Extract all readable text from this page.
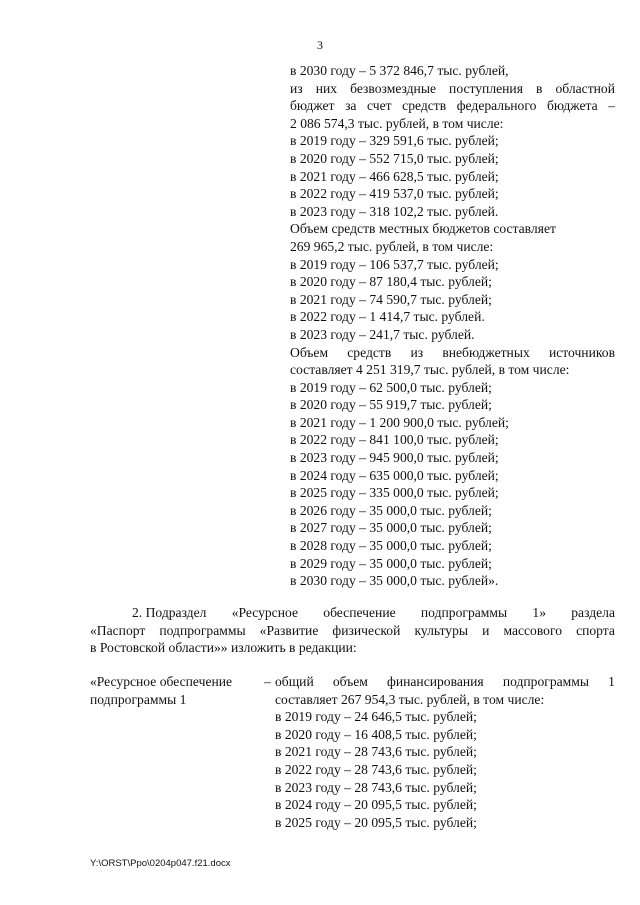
3
в 2030 году – 5 372 846,7 тыс. рублей,
из них безвозмездные поступления в областной
бюджет за счет средств федерального бюджета –
2 086 574,3 тыс. рублей, в том числе:
в 2019 году – 329 591,6 тыс. рублей;
в 2020 году – 552 715,0 тыс. рублей;
в 2021 году – 466 628,5 тыс. рублей;
в 2022 году – 419 537,0 тыс. рублей;
в 2023 году – 318 102,2 тыс. рублей.
Объем средств местных бюджетов составляет
269 965,2 тыс. рублей, в том числе:
в 2019 году – 106 537,7 тыс. рублей;
в 2020 году – 87 180,4 тыс. рублей;
в 2021 году – 74 590,7 тыс. рублей;
в 2022 году – 1 414,7 тыс. рублей.
в 2023 году – 241,7 тыс. рублей.
Объем средств из внебюджетных источников
составляет 4 251 319,7 тыс. рублей, в том числе:
в 2019 году – 62 500,0 тыс. рублей;
в 2020 году – 55 919,7 тыс. рублей;
в 2021 году – 1 200 900,0 тыс. рублей;
в 2022 году – 841 100,0 тыс. рублей;
в 2023 году – 945 900,0 тыс. рублей;
в 2024 году – 635 000,0 тыс. рублей;
в 2025 году – 335 000,0 тыс. рублей;
в 2026 году – 35 000,0 тыс. рублей;
в 2027 году – 35 000,0 тыс. рублей;
в 2028 году – 35 000,0 тыс. рублей;
в 2029 году – 35 000,0 тыс. рублей;
в 2030 году – 35 000,0 тыс. рублей».
2. Подраздел «Ресурсное обеспечение подпрограммы 1» раздела
«Паспорт подпрограммы «Развитие физической культуры и массового спорта
в Ростовской области»» изложить в редакции:
«Ресурсное обеспечение
подпрограммы 1
– общий объем финансирования подпрограммы 1
составляет 267 954,3 тыс. рублей, в том числе:
в 2019 году – 24 646,5 тыс. рублей;
в 2020 году – 16 408,5 тыс. рублей;
в 2021 году – 28 743,6 тыс. рублей;
в 2022 году – 28 743,6 тыс. рублей;
в 2023 году – 28 743,6 тыс. рублей;
в 2024 году – 20 095,5 тыс. рублей;
в 2025 году – 20 095,5 тыс. рублей;
Y:\ORST\Ppo\0204p047.f21.docx
